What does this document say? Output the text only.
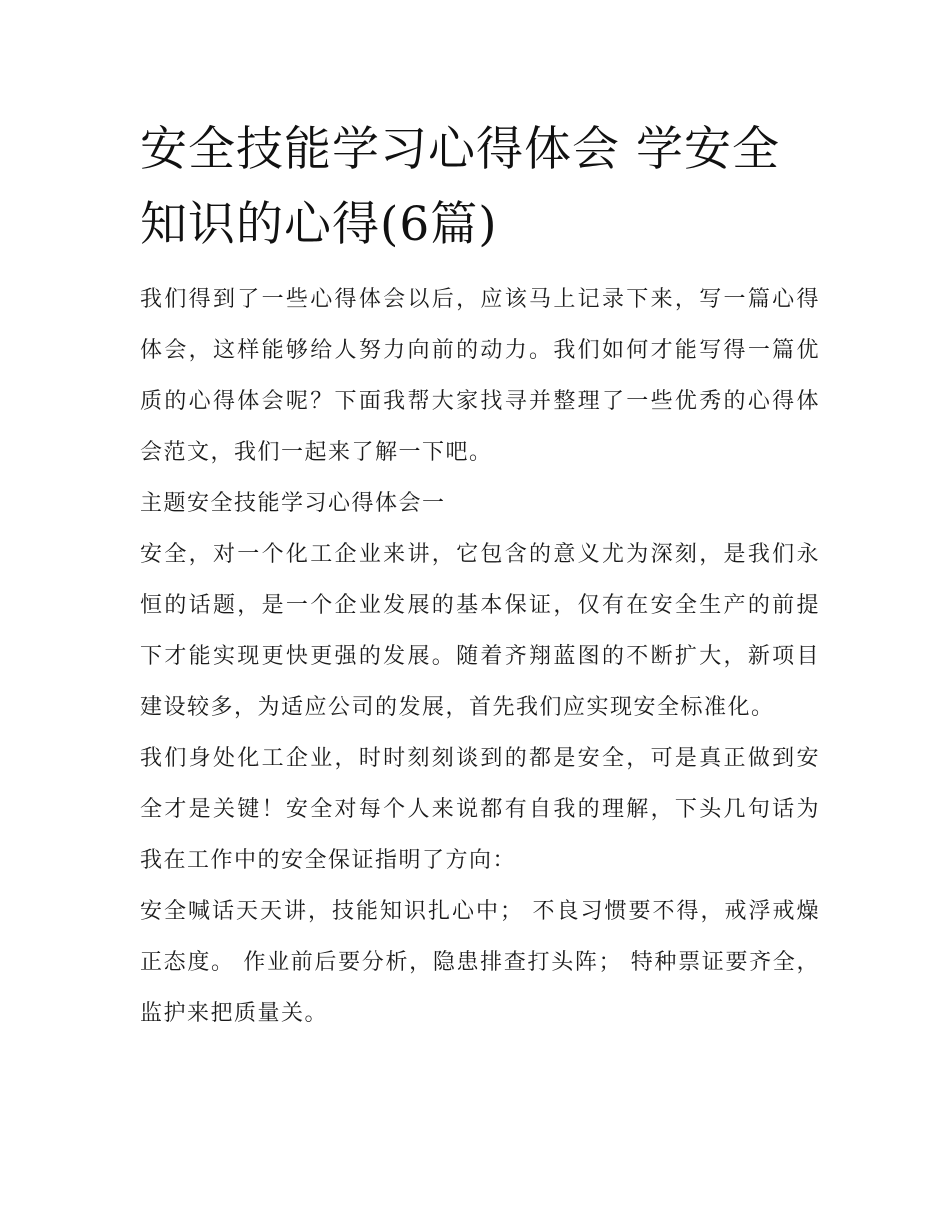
安全技能学习心得体会 学安全知识的心得(6篇)

我们得到了一些心得体会以后，应该马上记录下来，写一篇心得体会，这样能够给人努力向前的动力。我们如何才能写得一篇优质的心得体会呢？下面我帮大家找寻并整理了一些优秀的心得体会范文，我们一起来了解一下吧。

主题安全技能学习心得体会一

安全，对一个化工企业来讲，它包含的意义尤为深刻，是我们永恒的话题，是一个企业发展的基本保证，仅有在安全生产的前提下才能实现更快更强的发展。随着齐翔蓝图的不断扩大，新项目建设较多，为适应公司的发展，首先我们应实现安全标准化。

我们身处化工企业，时时刻刻谈到的都是安全，可是真正做到安全才是关键！安全对每个人来说都有自我的理解，下头几句话为我在工作中的安全保证指明了方向：

安全喊话天天讲，技能知识扎心中； 不良习惯要不得，戒浮戒燥正态度。 作业前后要分析，隐患排查打头阵； 特种票证要齐全，监护来把质量关。
